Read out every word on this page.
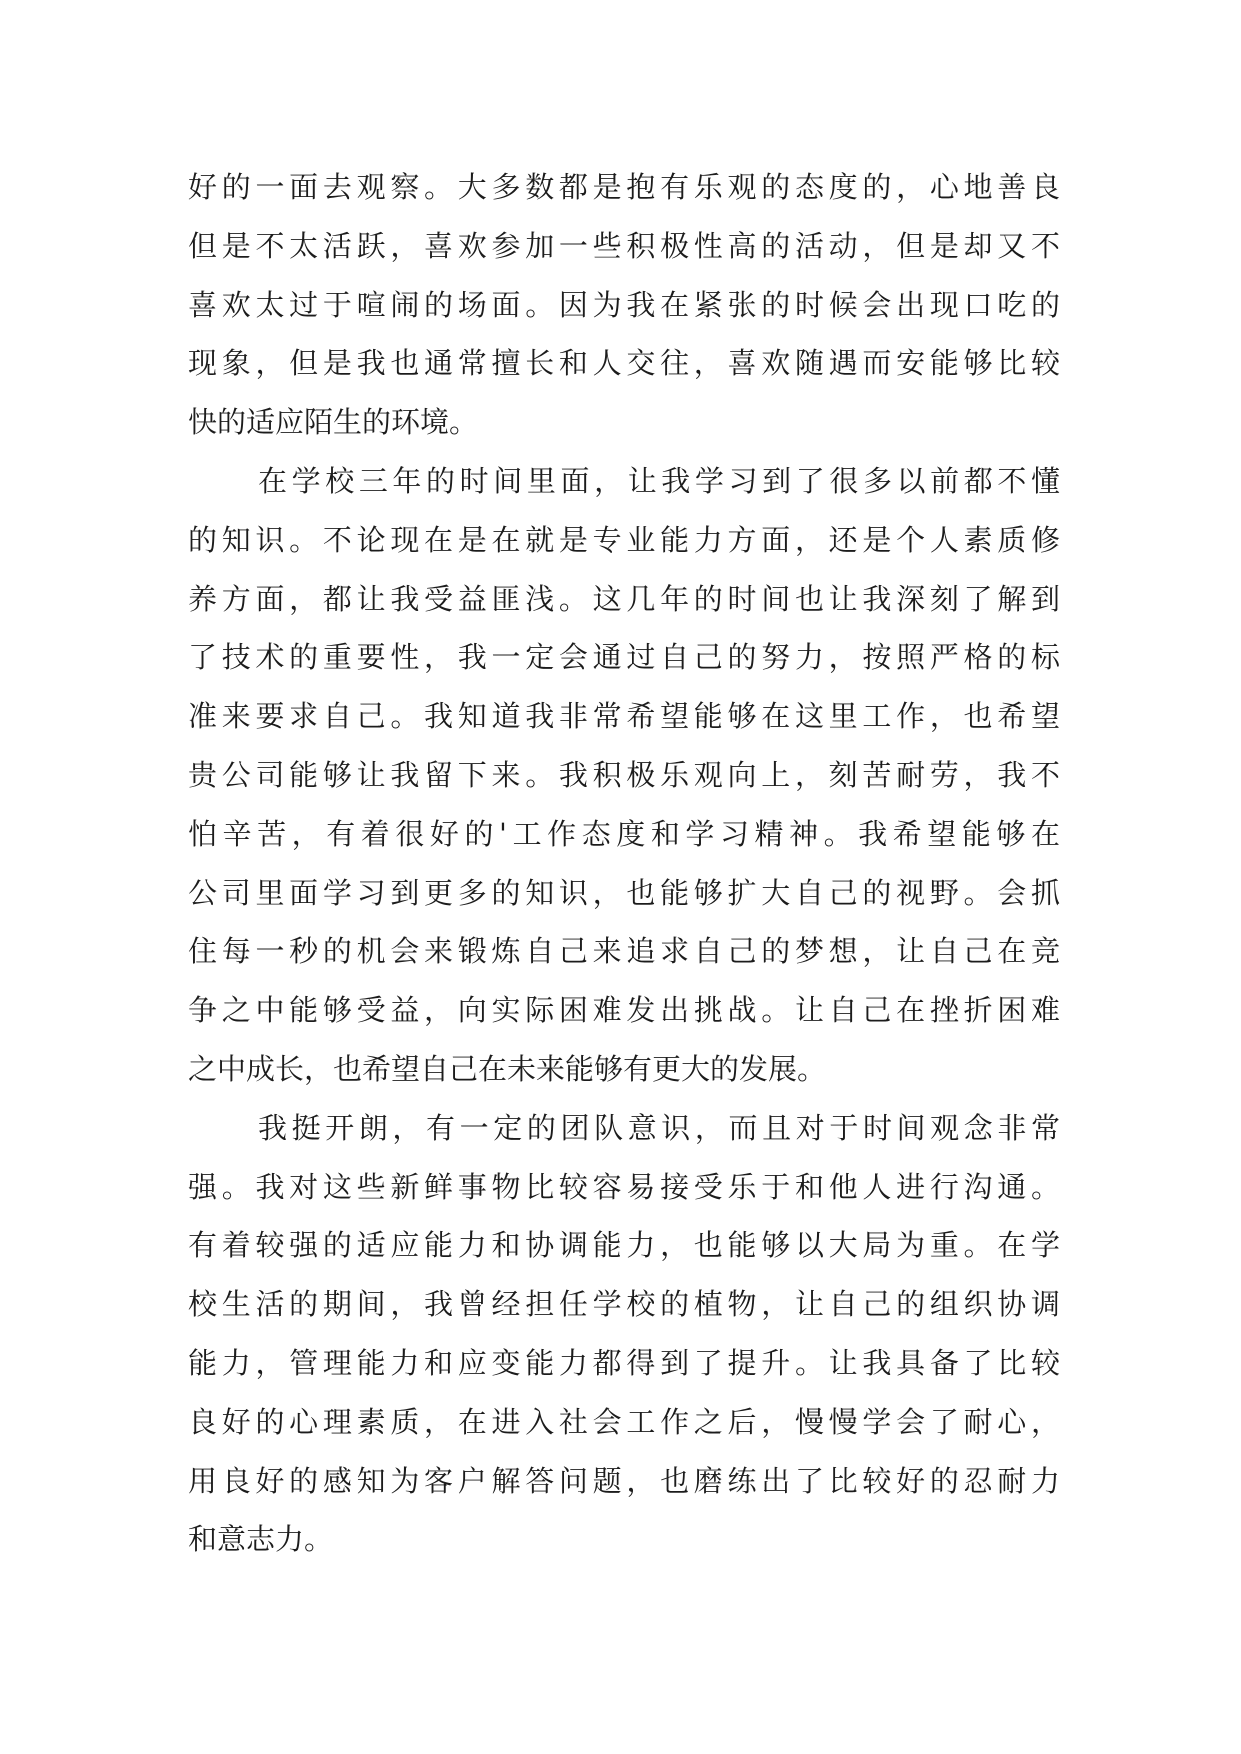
好的一面去观察。大多数都是抱有乐观的态度的，心地善良
但是不太活跃，喜欢参加一些积极性高的活动，但是却又不
喜欢太过于喧闹的场面。因为我在紧张的时候会出现口吃的
现象，但是我也通常擅长和人交往，喜欢随遇而安能够比较
快的适应陌生的环境。
在学校三年的时间里面，让我学习到了很多以前都不懂
的知识。不论现在是在就是专业能力方面，还是个人素质修
养方面，都让我受益匪浅。这几年的时间也让我深刻了解到
了技术的重要性，我一定会通过自己的努力，按照严格的标
准来要求自己。我知道我非常希望能够在这里工作，也希望
贵公司能够让我留下来。我积极乐观向上，刻苦耐劳，我不
怕辛苦，有着很好的'工作态度和学习精神。我希望能够在
公司里面学习到更多的知识，也能够扩大自己的视野。会抓
住每一秒的机会来锻炼自己来追求自己的梦想，让自己在竞
争之中能够受益，向实际困难发出挑战。让自己在挫折困难
之中成长，也希望自己在未来能够有更大的发展。
我挺开朗，有一定的团队意识，而且对于时间观念非常
强。我对这些新鲜事物比较容易接受乐于和他人进行沟通。
有着较强的适应能力和协调能力，也能够以大局为重。在学
校生活的期间，我曾经担任学校的植物，让自己的组织协调
能力，管理能力和应变能力都得到了提升。让我具备了比较
良好的心理素质，在进入社会工作之后，慢慢学会了耐心，
用良好的感知为客户解答问题，也磨练出了比较好的忍耐力
和意志力。
